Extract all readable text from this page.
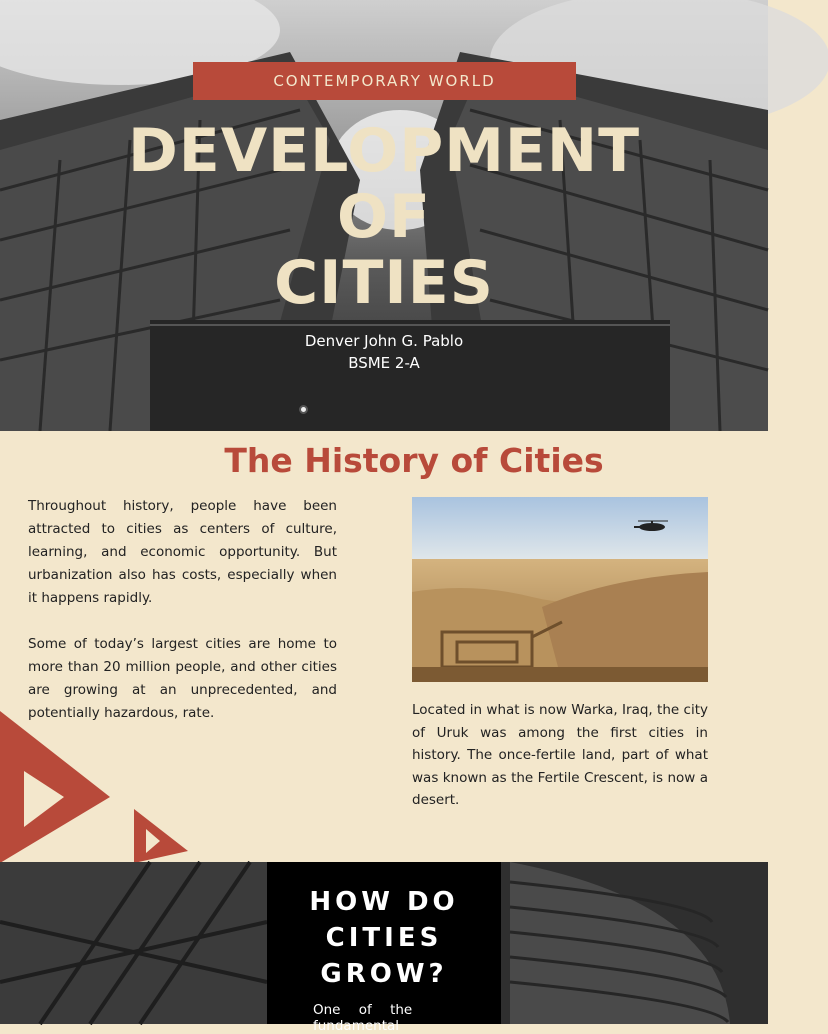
CONTEMPORARY WORLD
DEVELOPMENT
OF
CITIES
Denver John G. Pablo
BSME 2-A
The History of Cities

Throughout history, people have been attracted to cities as centers of culture, learning, and economic opportunity. But urbanization also has costs, especially when it happens rapidly.

Some of today’s largest cities are home to more than 20 million people, and other cities are growing at an unprecedented, and potentially hazardous, rate.	Located in what is now Warka, Iraq, the city of Uruk was among the first cities in history. The once-fertile land, part of what was known as the Fertile Crescent, is now a desert.
HOW DO
CITIES
GROW?

One of the fundamental
